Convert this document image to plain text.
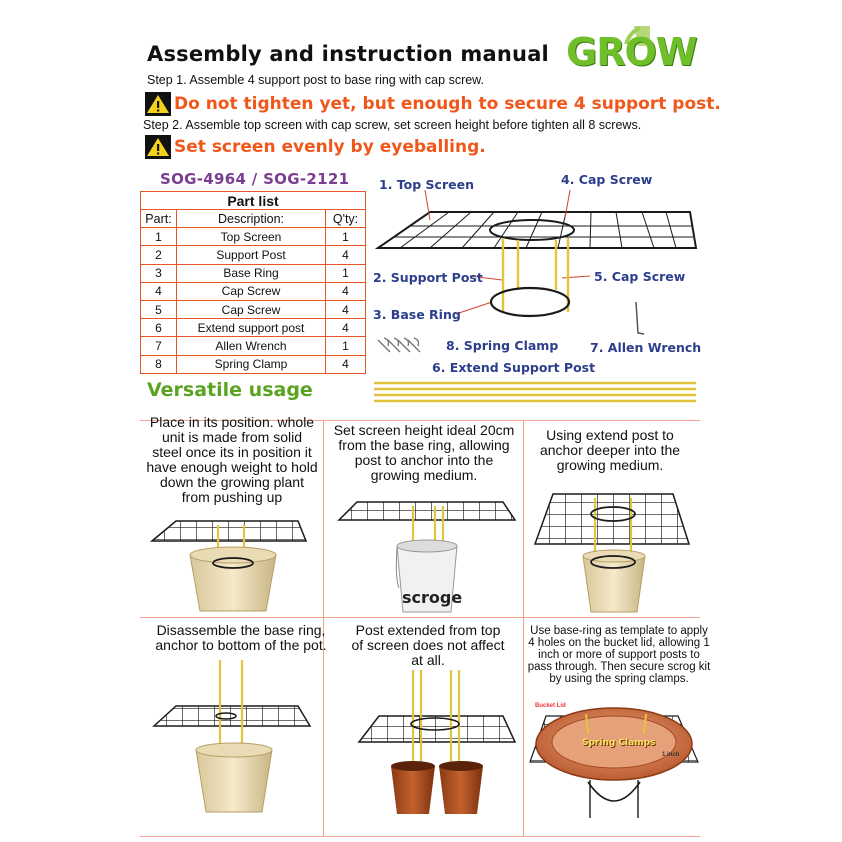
Assembly and instruction manual GROW
Step 1. Assemble 4 support post to base ring with cap screw.
Do not tighten yet, but enough to secure 4 support post.
Step 2. Assemble top screen with cap screw, set screen height before tighten all 8 screws.
Set screen evenly by eyeballing.
SOG-4964 / SOG-2121
Part list		
Part:	Description:	Q'ty:
1	Top Screen	1
2	Support Post	4
3	Base Ring	1
4	Cap Screw	4
5	Cap Screw	4
6	Extend support post	4
7	Allen Wrench	1
8	Spring Clamp	4
1. Top Screen	4. Cap Screw
2. Support Post	5. Cap Screw
3. Base Ring
8. Spring Clamp	7. Allen Wrench
6. Extend Support Post
Versatile usage
Place in its position. whole unit is made from solid steel once its in position it have enough weight to hold down the growing plant from pushing up
Set screen height ideal 20cm from the base ring, allowing post to anchor into the growing medium.
Using extend post to anchor deeper into the growing medium.
Disassemble the base ring, anchor to bottom of the pot.
Post extended from top of screen does not affect at all.
Use base-ring as template to apply 4 holes on the bucket lid, allowing 1 inch or more of support posts to pass through. Then secure scrog kit by using the spring clamps.
scroge
Bucket Lid
Spring Clamps
1 inch
